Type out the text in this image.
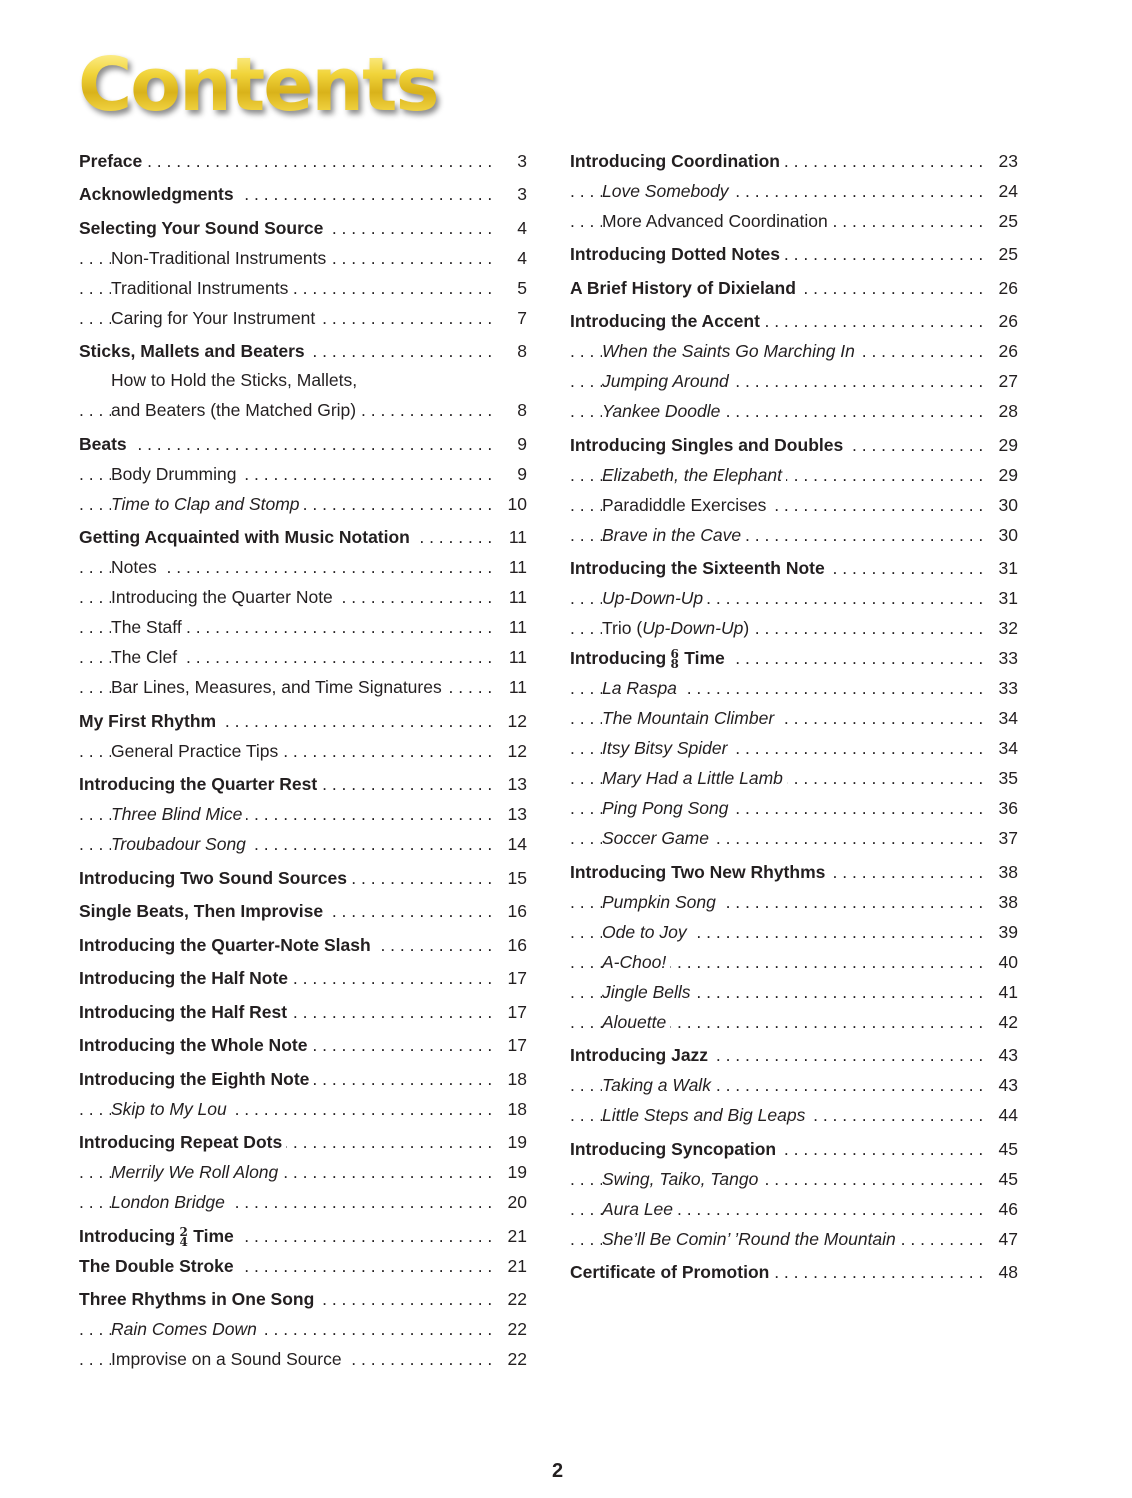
Contents
. . .
Preface	3
. . .
Acknowledgments	3
. . .
Selecting Your Sound Source	4
. . .
Non-Traditional Instruments	4
. . .
Traditional Instruments	5
. . .
Caring for Your Instrument	7
. . .
Sticks, Mallets and Beaters	8
How to Hold the Sticks, Mallets,
. . .
and Beaters (the Matched Grip)	8
. . .
Beats	9
. . .
Body Drumming	9
. . .
Time to Clap and Stomp	10
. . .
Getting Acquainted with Music Notation	11
. . .
Notes	11
. . .
Introducing the Quarter Note	11
. . .
The Staff	11
. . .
The Clef	11
. . .
Bar Lines, Measures, and Time Signatures	11
. . .
My First Rhythm	12
. . .
General Practice Tips	12
. . .
Introducing the Quarter Rest	13
. . .
Three Blind Mice	13
. . .
Troubadour Song	14
. . .
Introducing Two Sound Sources	15
. . .
Single Beats, Then Improvise	16
. . .
Introducing the Quarter-Note Slash	16
. . .
Introducing the Half Note	17
. . .
Introducing the Half Rest	17
. . .
Introducing the Whole Note	17
. . .
Introducing the Eighth Note	18
. . .
Skip to My Lou	18
. . .
Introducing Repeat Dots	19
. . .
Merrily We Roll Along	19
. . .
London Bridge	20
. . .
Introducing 2
4 Time	21
. . .
The Double Stroke	21
. . .
Three Rhythms in One Song	22
. . .
Rain Comes Down	22
. . .
Improvise on a Sound Source	22
. . .
Introducing Coordination	23
. . .
Love Somebody	24
. . .
More Advanced Coordination	25
. . .
Introducing Dotted Notes	25
. . .
A Brief History of Dixieland	26
. . .
Introducing the Accent	26
. . .
When the Saints Go Marching In	26
. . .
Jumping Around	27
. . .
Yankee Doodle	28
. . .
Introducing Singles and Doubles	29
. . .
Elizabeth, the Elephant	29
. . .
Paradiddle Exercises	30
. . .
Brave in the Cave	30
. . .
Introducing the Sixteenth Note	31
. . .
Up-Down-Up	31
. . .
Trio (Up-Down-Up)	32
. . .
Introducing 6
8 Time	33
. . .
La Raspa	33
. . .
The Mountain Climber	34
. . .
Itsy Bitsy Spider	34
. . .
Mary Had a Little Lamb	35
. . .
Ping Pong Song	36
. . .
Soccer Game	37
. . .
Introducing Two New Rhythms	38
. . .
Pumpkin Song	38
. . .
Ode to Joy	39
. . .
A-Choo!	40
. . .
Jingle Bells	41
. . .
Alouette	42
. . .
Introducing Jazz	43
. . .
Taking a Walk	43
. . .
Little Steps and Big Leaps	44
. . .
Introducing Syncopation	45
. . .
Swing, Taiko, Tango	45
. . .
Aura Lee	46
. . .
She’ll Be Comin’ ’Round the Mountain	47
. . .
Certificate of Promotion	48
2
